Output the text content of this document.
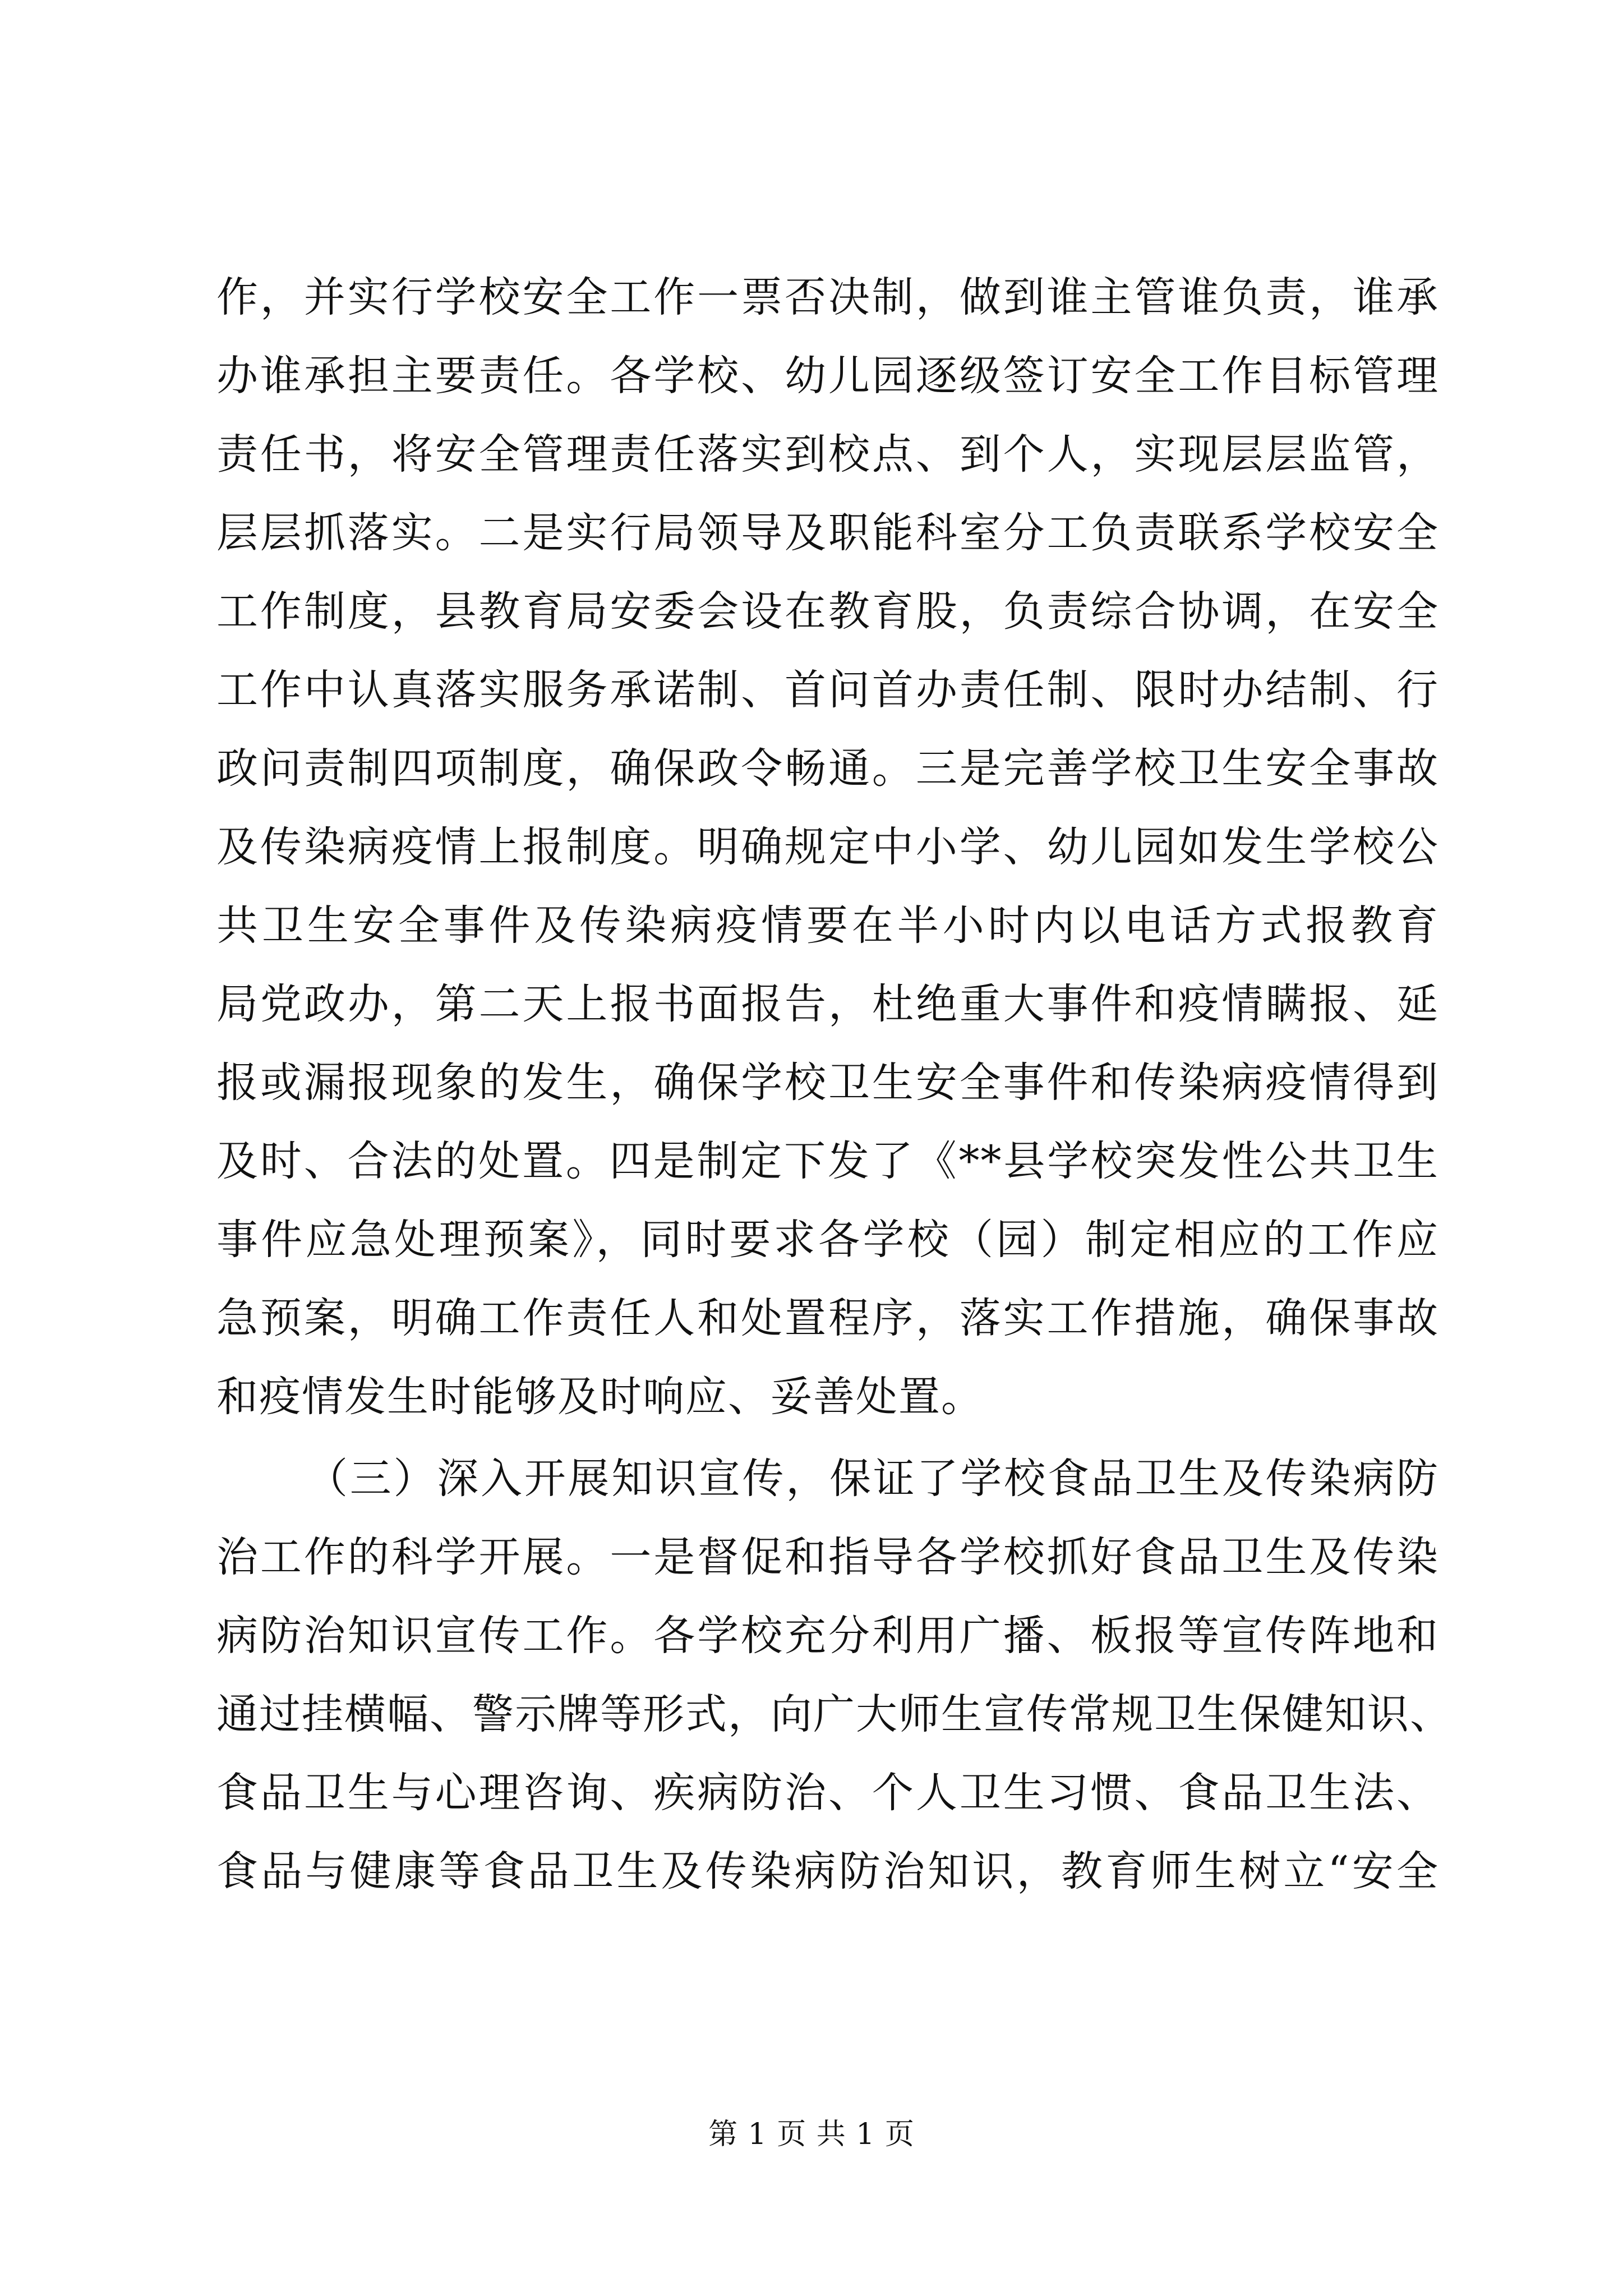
作，并实行学校安全工作一票否决制，做到谁主管谁负责，谁承
办谁承担主要责任。各学校、幼儿园逐级签订安全工作目标管理
责任书，将安全管理责任落实到校点、到个人，实现层层监管，
层层抓落实。二是实行局领导及职能科室分工负责联系学校安全
工作制度，县教育局安委会设在教育股，负责综合协调，在安全
工作中认真落实服务承诺制、首问首办责任制、限时办结制、行
政问责制四项制度，确保政令畅通。三是完善学校卫生安全事故
及传染病疫情上报制度。明确规定中小学、幼儿园如发生学校公
共卫生安全事件及传染病疫情要在半小时内以电话方式报教育
局党政办，第二天上报书面报告，杜绝重大事件和疫情瞒报、延
报或漏报现象的发生，确保学校卫生安全事件和传染病疫情得到
及时、合法的处置。四是制定下发了《**县学校突发性公共卫生
事件应急处理预案》，同时要求各学校（园）制定相应的工作应
急预案，明确工作责任人和处置程序，落实工作措施，确保事故
和疫情发生时能够及时响应、妥善处置。
（三）深入开展知识宣传，保证了学校食品卫生及传染病防
治工作的科学开展。一是督促和指导各学校抓好食品卫生及传染
病防治知识宣传工作。各学校充分利用广播、板报等宣传阵地和
通过挂横幅、警示牌等形式，向广大师生宣传常规卫生保健知识、
食品卫生与心理咨询、疾病防治、个人卫生习惯、食品卫生法、
食品与健康等食品卫生及传染病防治知识，教育师生树立“安全
第 1 页 共 1 页
